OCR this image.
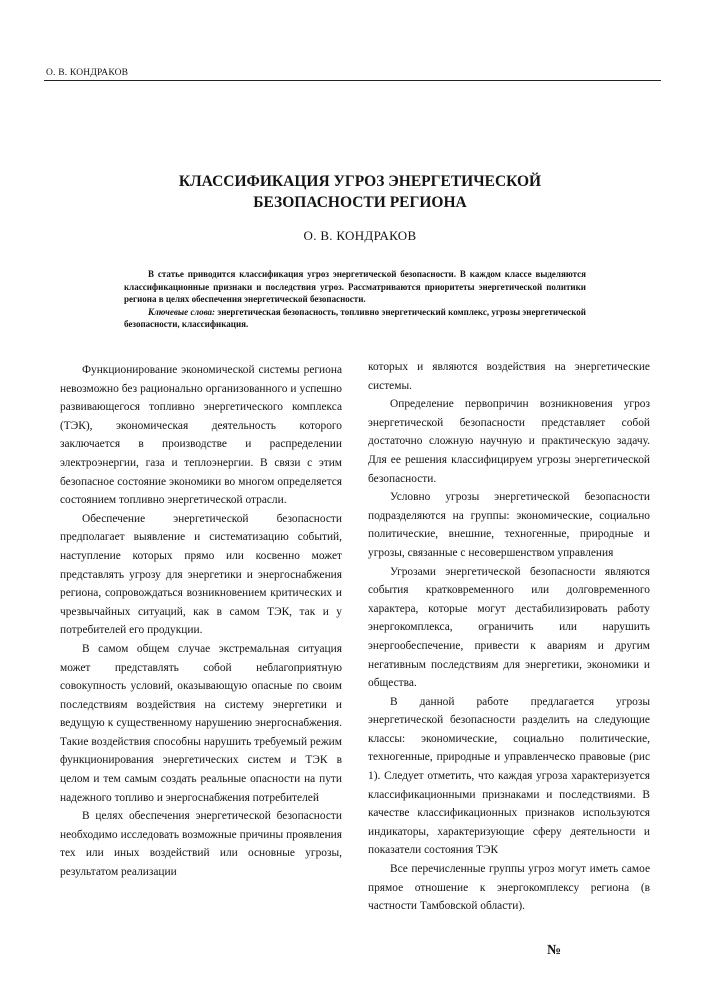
О. В. КОНДРАКОВ
КЛАССИФИКАЦИЯ УГРОЗ ЭНЕРГЕТИЧЕСКОЙ
БЕЗОПАСНОСТИ РЕГИОНА
О. В. КОНДРАКОВ

В статье приводится классификация угроз энергетической безопасности. В каждом классе выделяются классификационные признаки и последствия угроз. Рассматриваются приоритеты энергетической политики региона в целях обеспечения энергетической безопасности.

Ключевые слова: энергетическая безопасность, топливно энергетический комплекс, угрозы энергетической безопасности, классификация.

Функционирование экономической системы региона невозможно без рационально организованного и успешно развивающегося топливно энергетического комплекса (ТЭК), экономическая деятельность которого заключается в производстве и распределении электроэнергии, газа и теплоэнергии. В связи с этим безопасное состояние экономики во многом определяется состоянием топливно энергетической отрасли.

Обеспечение энергетической безопасности предполагает выявление и систематизацию событий, наступление которых прямо или косвенно может представлять угрозу для энергетики и энергоснабжения региона, сопровождаться возникновением критических и чрезвычайных ситуаций, как в самом ТЭК, так и у потребителей его продукции.

В самом общем случае экстремальная ситуация может представлять собой неблагоприятную совокупность условий, оказывающую опасные по своим последствиям воздействия на систему энергетики и ведущую к существенному нарушению энергоснабжения. Такие воздействия способны нарушить требуемый режим функционирования энергетических систем и ТЭК в целом и тем самым создать реальные опасности на пути надежного топливо и энергоснабжения потребителей

В целях обеспечения энергетической безопасности необходимо исследовать возможные причины проявления тех или иных воздействий или основные угрозы, результатом реализации

которых и являются воздействия на энергетические системы.

Определение первопричин возникновения угроз энергетической безопасности представляет собой достаточно сложную научную и практическую задачу. Для ее решения классифицируем угрозы энергетической безопасности.

Условно угрозы энергетической безопасности подразделяются на группы: экономические, социально политические, внешние, техногенные, природные и угрозы, связанные с несовершенством управления

Угрозами энергетической безопасности являются события кратковременного или долговременного характера, которые могут дестабилизировать работу энергокомплекса, ограничить или нарушить энергообеспечение, привести к авариям и другим негативным последствиям для энергетики, экономики и общества.

В данной работе предлагается угрозы энергетической безопасности разделить на следующие классы: экономические, социально политические, техногенные, природные и управленческо правовые (рис 1). Следует отметить, что каждая угроза характеризуется классификационными признаками и последствиями. В качестве классификационных признаков используются индикаторы, характеризующие сферу деятельности и показатели состояния ТЭК

Все перечисленные группы угроз могут иметь самое прямое отношение к энергокомплексу региона (в частности Тамбовской области).

№
